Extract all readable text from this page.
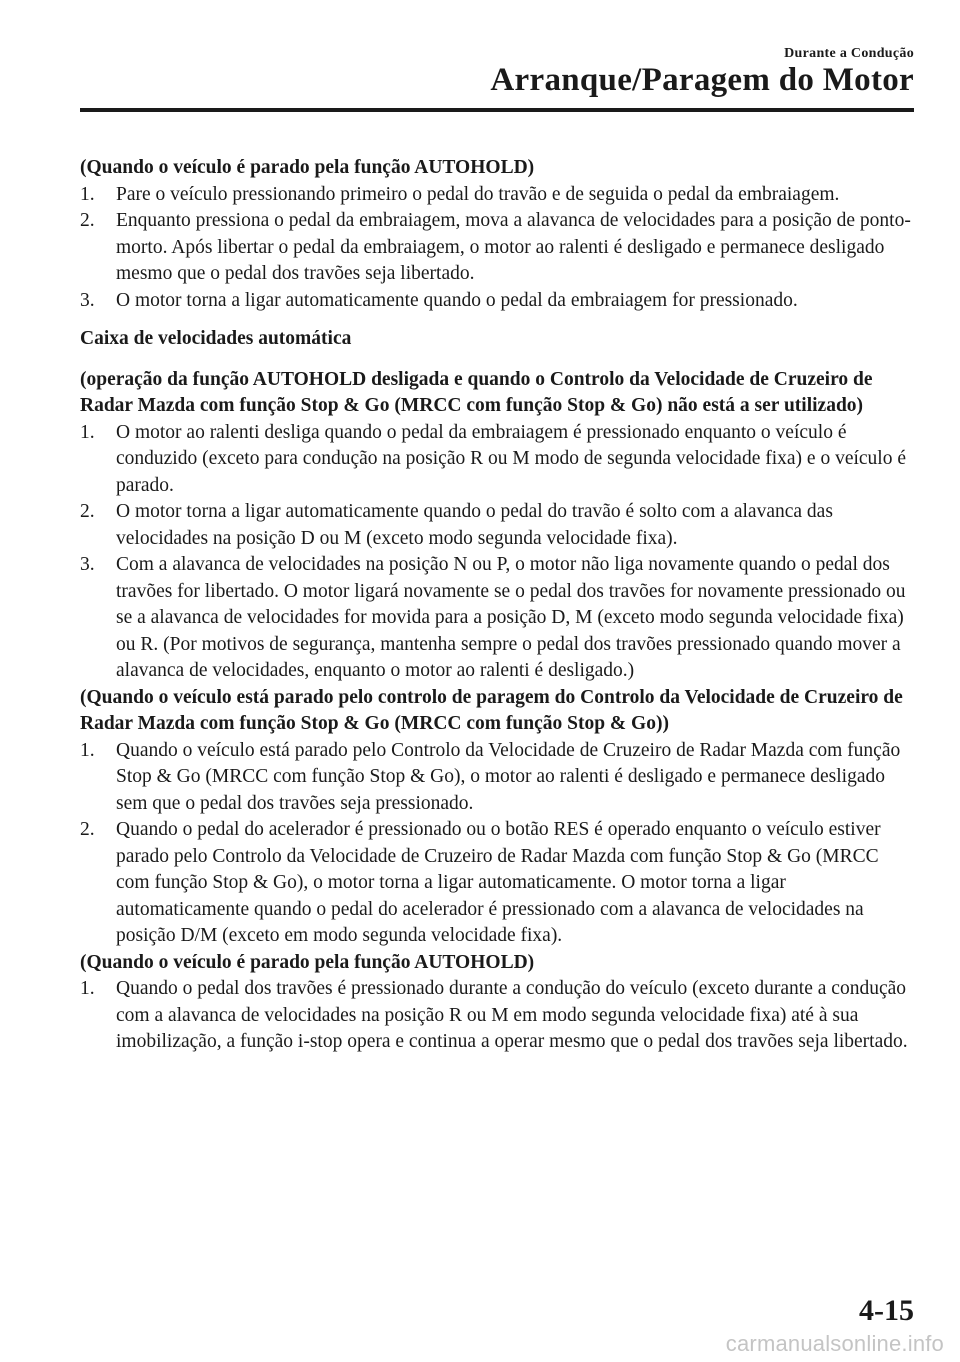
Durante a Condução
Arranque/Paragem do Motor

(Quando o veículo é parado pela função AUTOHOLD)

1. Pare o veículo pressionando primeiro o pedal do travão e de seguida o pedal da embraiagem.
2. Enquanto pressiona o pedal da embraiagem, mova a alavanca de velocidades para a posição de ponto-morto. Após libertar o pedal da embraiagem, o motor ao ralenti é desligado e permanece desligado mesmo que o pedal dos travões seja libertado.
3. O motor torna a ligar automaticamente quando o pedal da embraiagem for pressionado.

Caixa de velocidades automática

(operação da função AUTOHOLD desligada e quando o Controlo da Velocidade de Cruzeiro de Radar Mazda com função Stop & Go (MRCC com função Stop & Go) não está a ser utilizado)

1. O motor ao ralenti desliga quando o pedal da embraiagem é pressionado enquanto o veículo é conduzido (exceto para condução na posição R ou M modo de segunda velocidade fixa) e o veículo é parado.
2. O motor torna a ligar automaticamente quando o pedal do travão é solto com a alavanca das velocidades na posição D ou M (exceto modo segunda velocidade fixa).
3. Com a alavanca de velocidades na posição N ou P, o motor não liga novamente quando o pedal dos travões for libertado. O motor ligará novamente se o pedal dos travões for novamente pressionado ou se a alavanca de velocidades for movida para a posição D, M (exceto modo segunda velocidade fixa) ou R. (Por motivos de segurança, mantenha sempre o pedal dos travões pressionado quando mover a alavanca de velocidades, enquanto o motor ao ralenti é desligado.)

(Quando o veículo está parado pelo controlo de paragem do Controlo da Velocidade de Cruzeiro de Radar Mazda com função Stop & Go (MRCC com função Stop & Go))

1. Quando o veículo está parado pelo Controlo da Velocidade de Cruzeiro de Radar Mazda com função Stop & Go (MRCC com função Stop & Go), o motor ao ralenti é desligado e permanece desligado sem que o pedal dos travões seja pressionado.
2. Quando o pedal do acelerador é pressionado ou o botão RES é operado enquanto o veículo estiver parado pelo Controlo da Velocidade de Cruzeiro de Radar Mazda com função Stop & Go (MRCC com função Stop & Go), o motor torna a ligar automaticamente. O motor torna a ligar automaticamente quando o pedal do acelerador é pressionado com a alavanca de velocidades na posição D/M (exceto em modo segunda velocidade fixa).

(Quando o veículo é parado pela função AUTOHOLD)

1. Quando o pedal dos travões é pressionado durante a condução do veículo (exceto durante a condução com a alavanca de velocidades na posição R ou M em modo segunda velocidade fixa) até à sua imobilização, a função i-stop opera e continua a operar mesmo que o pedal dos travões seja libertado.
4-15
carmanualsonline.info
